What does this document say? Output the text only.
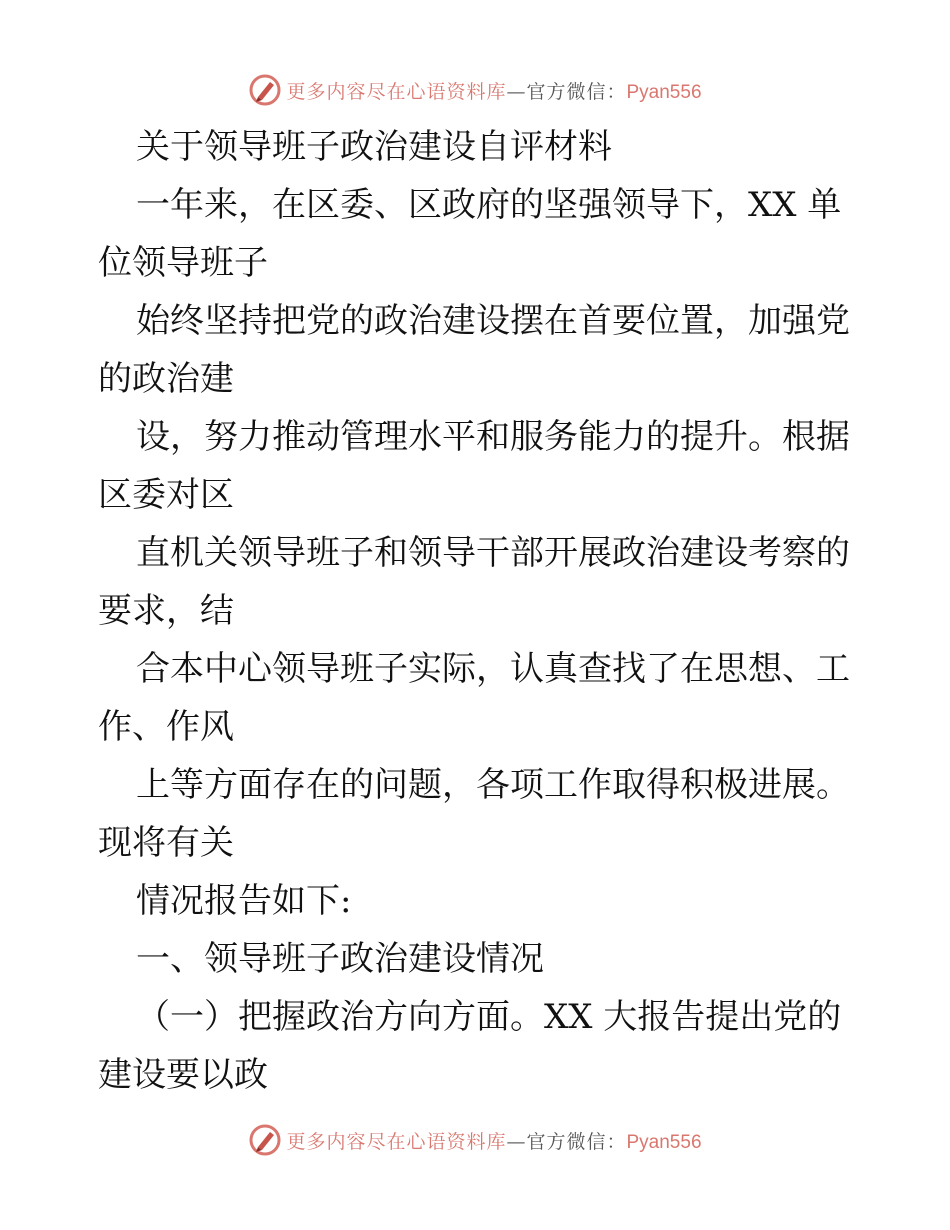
更多内容尽在心语资料库—官方微信：Pyan556
关于领导班子政治建设自评材料
一年来，在区委、区政府的坚强领导下，XX 单
位领导班子
始终坚持把党的政治建设摆在首要位置，加强党
的政治建
设，努力推动管理水平和服务能力的提升。根据
区委对区
直机关领导班子和领导干部开展政治建设考察的
要求，结
合本中心领导班子实际，认真查找了在思想、工
作、作风
上等方面存在的问题，各项工作取得积极进展。
现将有关
情况报告如下:
一、领导班子政治建设情况
（一）把握政治方向方面。XX 大报告提出党的
建设要以政
更多内容尽在心语资料库—官方微信：Pyan556
